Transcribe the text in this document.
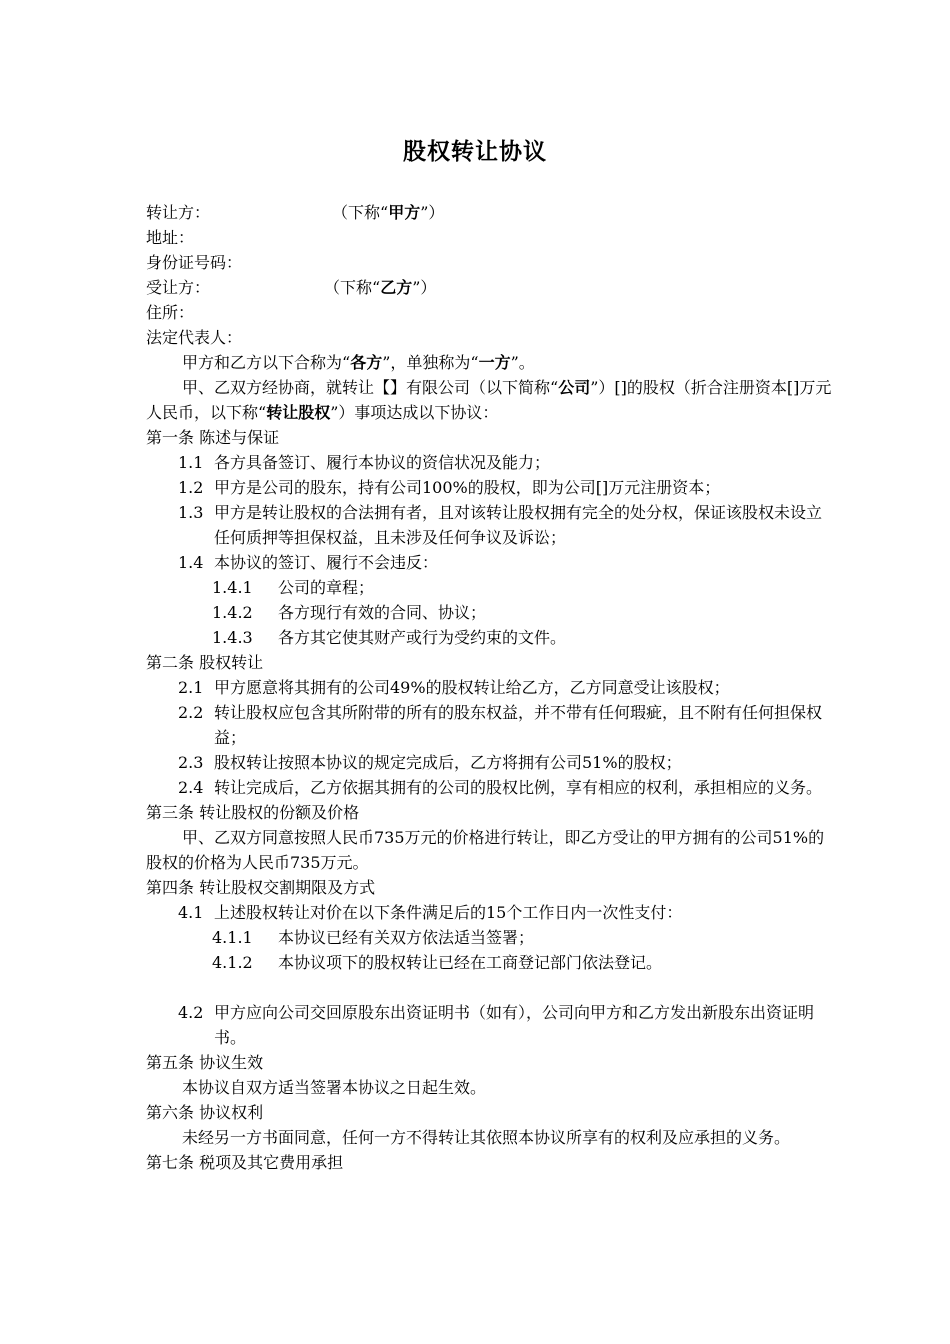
股权转让协议
转让方：	（下称“甲方”）
地址：
身份证号码：
受让方：	（下称“乙方”）
住所：
法定代表人：
甲方和乙方以下合称为“各方”，单独称为“一方”。
甲、乙双方经协商，就转让【】有限公司（以下简称“公司”）[]的股权（折合注册资本[]万元人民币，以下称“转让股权”）事项达成以下协议：
第一条 陈述与保证
1.1 各方具备签订、履行本协议的资信状况及能力；
1.2 甲方是公司的股东，持有公司100%的股权，即为公司[]万元注册资本；
1.3 甲方是转让股权的合法拥有者，且对该转让股权拥有完全的处分权，保证该股权未设立任何质押等担保权益，且未涉及任何争议及诉讼；
1.4 本协议的签订、履行不会违反：
1.4.1 公司的章程；
1.4.2 各方现行有效的合同、协议；
1.4.3 各方其它使其财产或行为受约束的文件。
第二条 股权转让
2.1 甲方愿意将其拥有的公司49%的股权转让给乙方，乙方同意受让该股权；
2.2 转让股权应包含其所附带的所有的股东权益，并不带有任何瑕疵，且不附有任何担保权益；
2.3 股权转让按照本协议的规定完成后，乙方将拥有公司51%的股权；
2.4 转让完成后，乙方依据其拥有的公司的股权比例，享有相应的权利，承担相应的义务。
第三条 转让股权的份额及价格
甲、乙双方同意按照人民币735万元的价格进行转让，即乙方受让的甲方拥有的公司51%的股权的价格为人民币735万元。
第四条 转让股权交割期限及方式
4.1 上述股权转让对价在以下条件满足后的15个工作日内一次性支付：
4.1.1 本协议已经有关双方依法适当签署；
4.1.2 本协议项下的股权转让已经在工商登记部门依法登记。
4.2 甲方应向公司交回原股东出资证明书（如有），公司向甲方和乙方发出新股东出资证明书。
第五条 协议生效
本协议自双方适当签署本协议之日起生效。
第六条 协议权利
未经另一方书面同意，任何一方不得转让其依照本协议所享有的权利及应承担的义务。
第七条 税项及其它费用承担
